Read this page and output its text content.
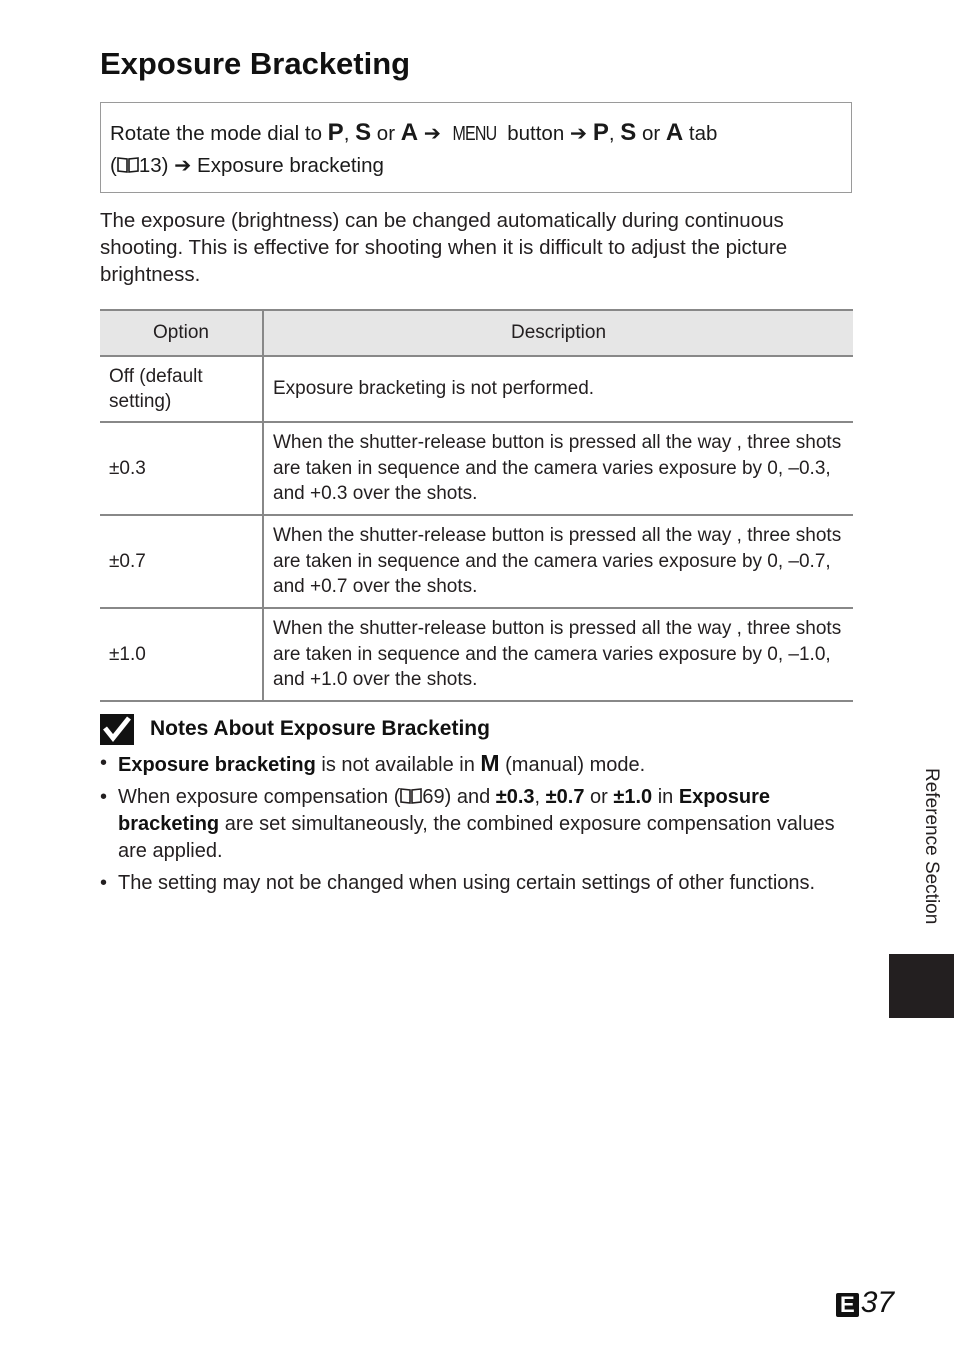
Exposure Bracketing
Rotate the mode dial to P, S or A ➔ MENU button ➔ P, S or A tab
( 13) ➔ Exposure bracketing
The exposure (brightness) can be changed automatically during continuous shooting. This is effective for shooting when it is difficult to adjust the picture brightness.
Option	Description
Off (default setting)	Exposure bracketing is not performed.
±0.3	When the shutter-release button is pressed all the way , three shots are taken in sequence and the camera varies exposure by 0, –0.3, and +0.3 over the shots.
±0.7	When the shutter-release button is pressed all the way , three shots are taken in sequence and the camera varies exposure by 0, –0.7, and +0.7 over the shots.
±1.0	When the shutter-release button is pressed all the way , three shots are taken in sequence and the camera varies exposure by 0, –1.0, and +1.0 over the shots.
Notes About Exposure Bracketing
• Exposure bracketing is not available in M (manual) mode.
• When exposure compensation ( 69) and ±0.3, ±0.7 or ±1.0 in Exposure bracketing are set simultaneously, the combined exposure compensation values are applied.
• The setting may not be changed when using certain settings of other functions.	Reference Section
E 37
